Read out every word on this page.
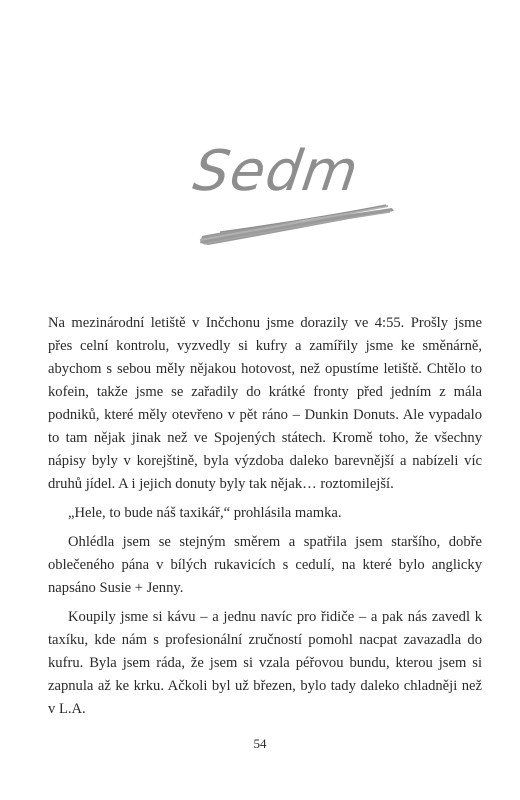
Sedm

Na mezinárodní letiště v Inčchonu jsme dorazily ve 4:55. Prošly jsme přes celní kontrolu, vyzvedly si kufry a zamířily jsme ke směnárně, abychom s sebou měly nějakou hotovost, než opustíme letiště. Chtělo to kofein, takže jsme se zařadily do krátké fronty před jedním z mála podniků, které měly otevřeno v pět ráno – Dunkin Donuts. Ale vypadalo to tam nějak jinak než ve Spojených státech. Kromě toho, že všechny nápisy byly v korejštině, byla výzdoba daleko barevnější a nabízeli víc druhů jídel. A i jejich donuty byly tak nějak… roztomilejší.

„Hele, to bude náš taxikář,“ prohlásila mamka.

Ohlédla jsem se stejným směrem a spatřila jsem staršího, dobře oblečeného pána v bílých rukavicích s cedulí, na které bylo anglicky napsáno Susie + Jenny.

Koupily jsme si kávu – a jednu navíc pro řidiče – a pak nás zavedl k taxíku, kde nám s profesionální zručností pomohl nacpat zavazadla do kufru. Byla jsem ráda, že jsem si vzala péřovou bundu, kterou jsem si zapnula až ke krku. Ačkoli byl už březen, bylo tady daleko chladněji než v L.A.

54
